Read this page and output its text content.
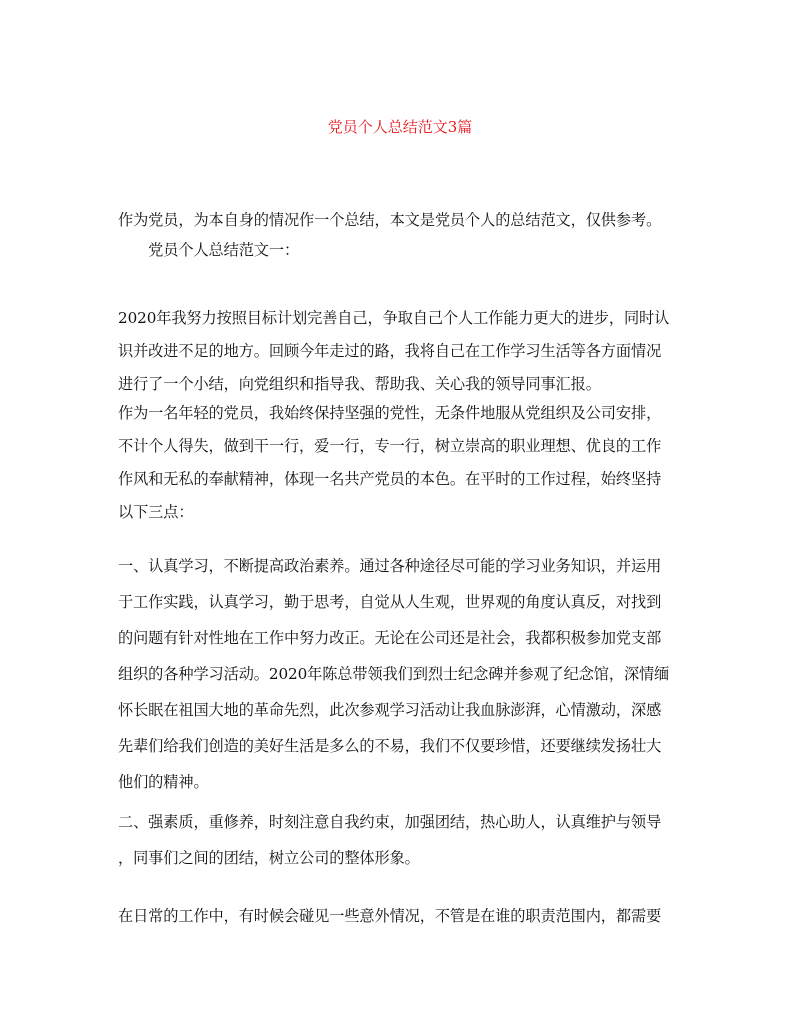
党员个人总结范文3篇
作为党员，为本自身的情况作一个总结，本文是党员个人的总结范文，仅供参考。
　　党员个人总结范文一：
2020年我努力按照目标计划完善自己，争取自己个人工作能力更大的进步，同时认
识并改进不足的地方。回顾今年走过的路，我将自己在工作学习生活等各方面情况
进行了一个小结，向党组织和指导我、帮助我、关心我的领导同事汇报。
作为一名年轻的党员，我始终保持坚强的党性，无条件地服从党组织及公司安排，
不计个人得失，做到干一行，爱一行，专一行，树立崇高的职业理想、优良的工作
作风和无私的奉献精神，体现一名共产党员的本色。在平时的工作过程，始终坚持
以下三点：
一、认真学习，不断提高政治素养。通过各种途径尽可能的学习业务知识，并运用
于工作实践，认真学习，勤于思考，自觉从人生观，世界观的角度认真反，对找到
的问题有针对性地在工作中努力改正。无论在公司还是社会，我都积极参加党支部
组织的各种学习活动。2020年陈总带领我们到烈士纪念碑并参观了纪念馆，深情缅
怀长眠在祖国大地的革命先烈，此次参观学习活动让我血脉澎湃，心情激动，深感
先辈们给我们创造的美好生活是多么的不易，我们不仅要珍惜，还要继续发扬壮大
他们的精神。
二、强素质，重修养，时刻注意自我约束，加强团结，热心助人，认真维护与领导
，同事们之间的团结，树立公司的整体形象。
在日常的工作中，有时候会碰见一些意外情况，不管是在谁的职责范围内，都需要
